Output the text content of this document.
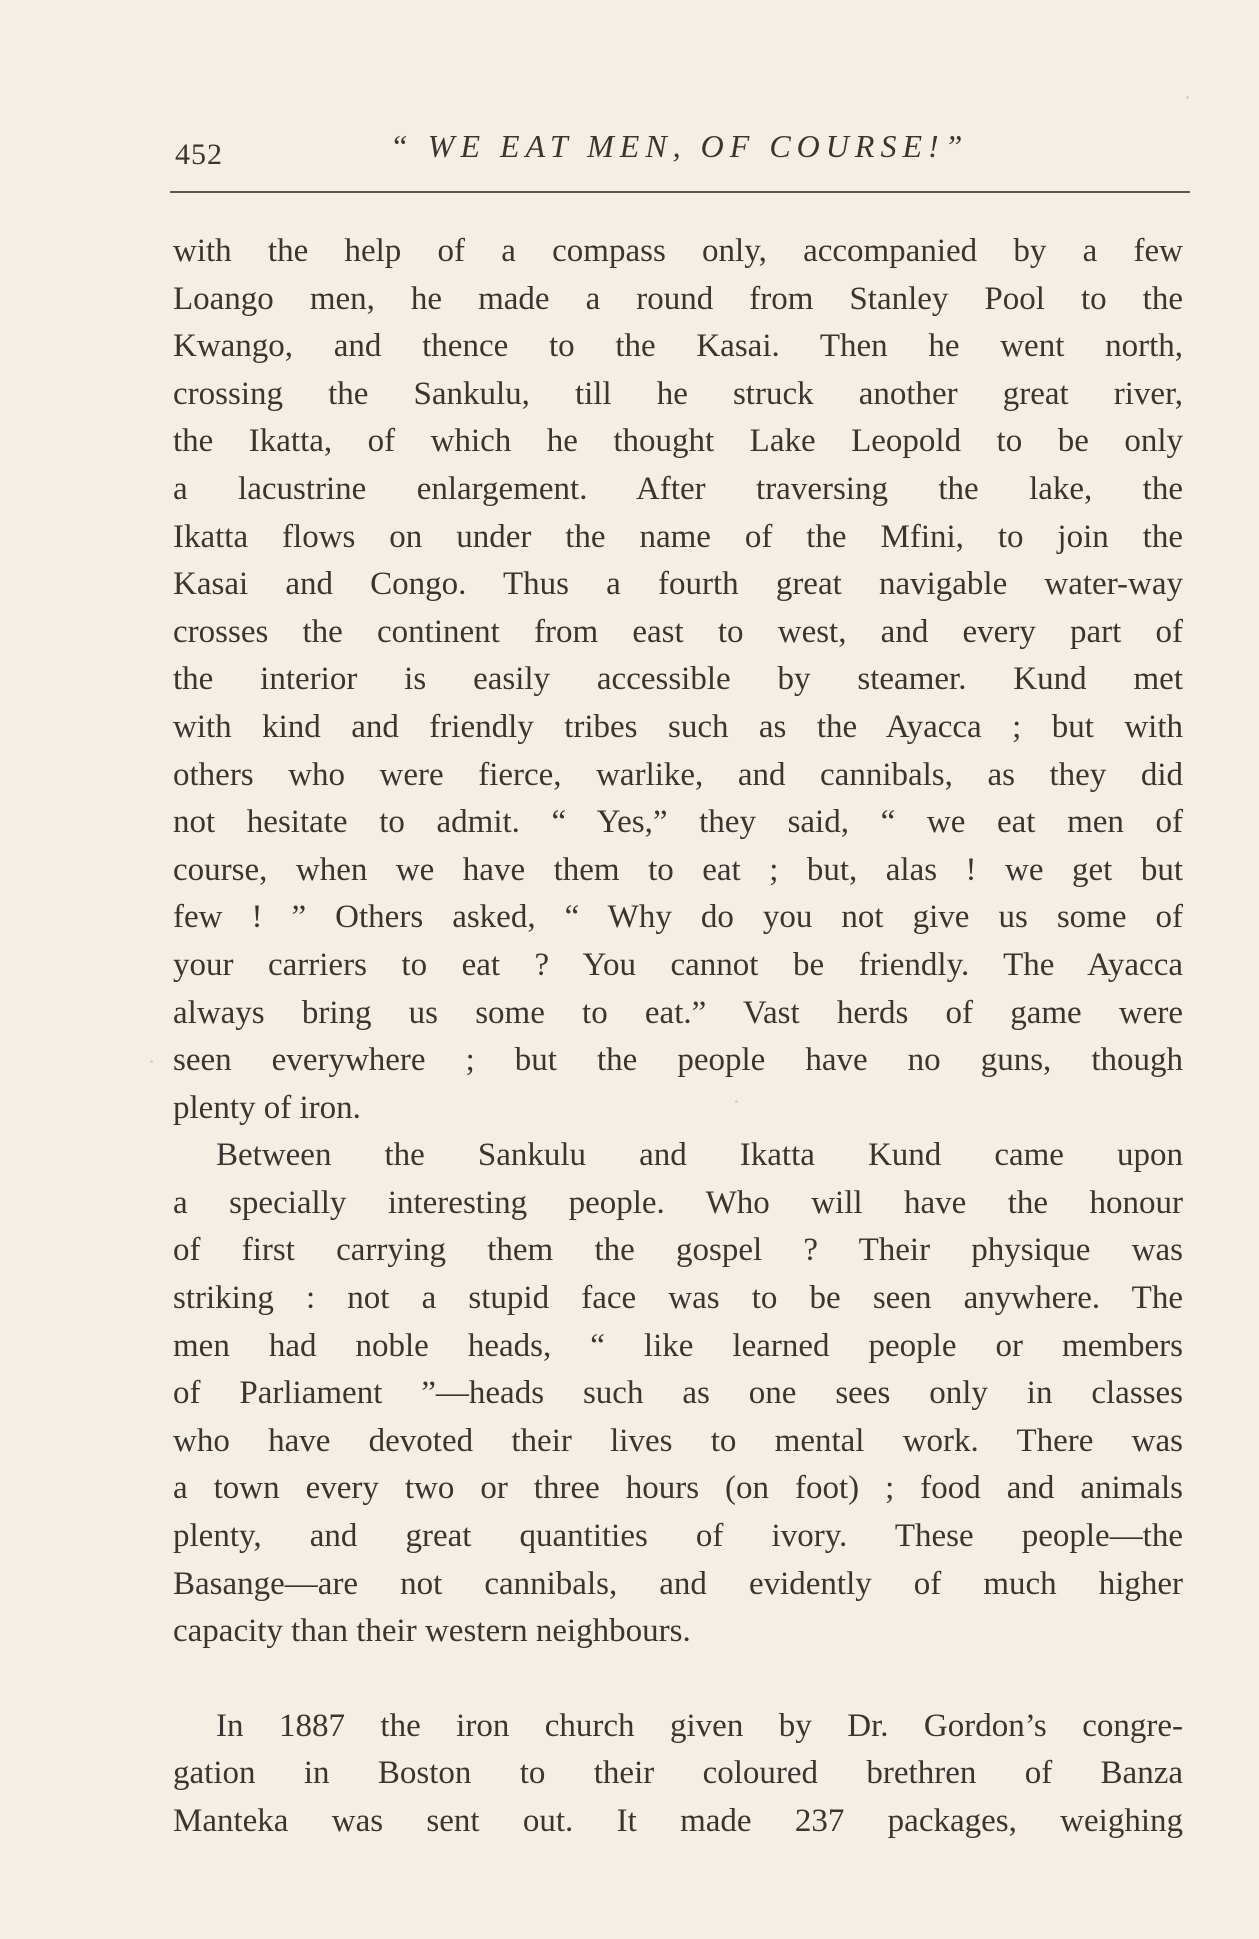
452	“ WE EAT MEN, OF COURSE!”
with the help of a compass only, accompanied by a few
Loango men, he made a round from Stanley Pool to the
Kwango, and thence to the Kasai. Then he went north,
crossing the Sankulu, till he struck another great river,
the Ikatta, of which he thought Lake Leopold to be only
a lacustrine enlargement. After traversing the lake, the
Ikatta flows on under the name of the Mfini, to join the
Kasai and Congo. Thus a fourth great navigable water-way
crosses the continent from east to west, and every part of
the interior is easily accessible by steamer. Kund met
with kind and friendly tribes such as the Ayacca ; but with
others who were fierce, warlike, and cannibals, as they did
not hesitate to admit. “ Yes,” they said, “ we eat men of
course, when we have them to eat ; but, alas ! we get but
few ! ” Others asked, “ Why do you not give us some of
your carriers to eat ? You cannot be friendly. The Ayacca
always bring us some to eat.” Vast herds of game were
seen everywhere ; but the people have no guns, though
plenty of iron.
Between the Sankulu and Ikatta Kund came upon
a specially interesting people. Who will have the honour
of first carrying them the gospel ? Their physique was
striking : not a stupid face was to be seen anywhere. The
men had noble heads, “ like learned people or members
of Parliament ”—heads such as one sees only in classes
who have devoted their lives to mental work. There was
a town every two or three hours (on foot) ; food and animals
plenty, and great quantities of ivory. These people—the
Basange—are not cannibals, and evidently of much higher
capacity than their western neighbours.
In 1887 the iron church given by Dr. Gordon’s congre-
gation in Boston to their coloured brethren of Banza
Manteka was sent out. It made 237 packages, weighing
